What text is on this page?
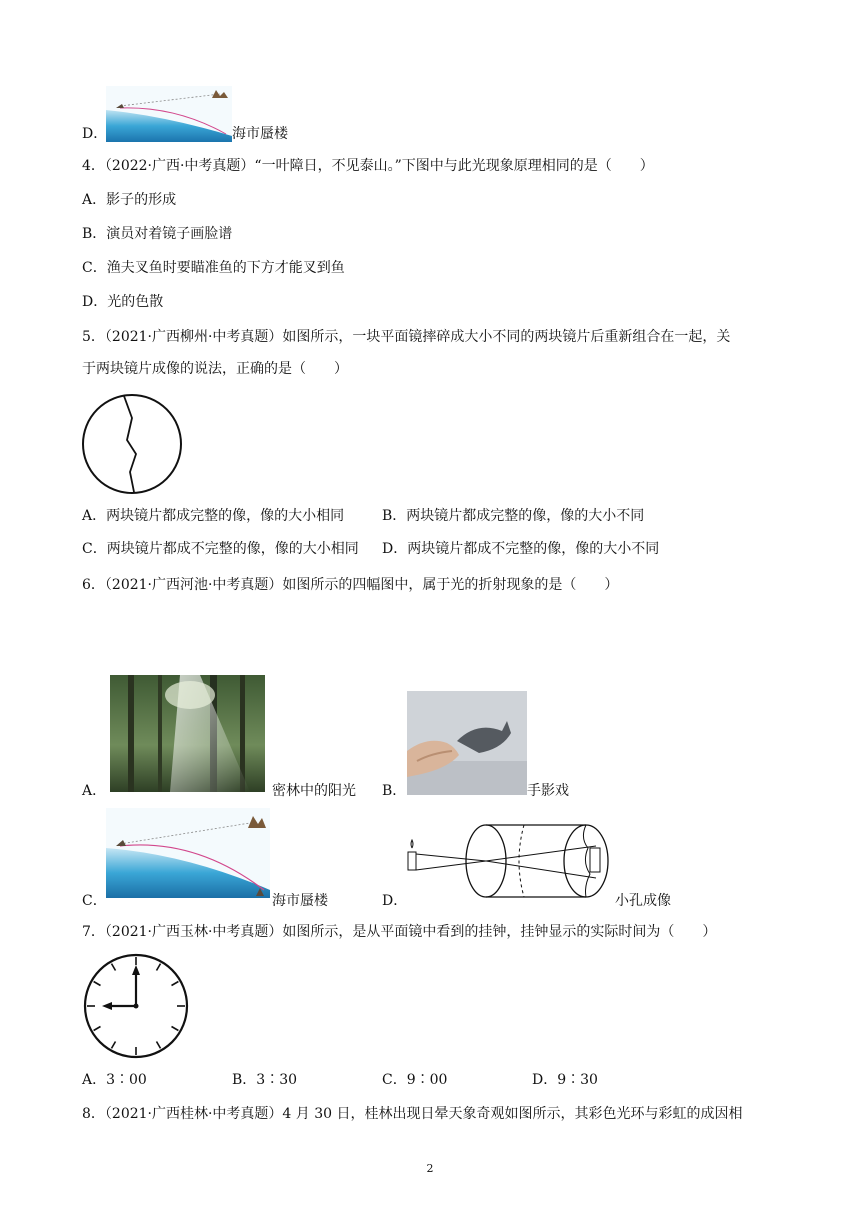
D．	海市蜃楼
4．（2022·广西·中考真题）“一叶障日，不见泰山。”下图中与此光现象原理相同的是（　　）
A．影子的形成
B．演员对着镜子画脸谱
C．渔夫叉鱼时要瞄准鱼的下方才能叉到鱼
D．光的色散
5．（2021·广西柳州·中考真题）如图所示，一块平面镜摔碎成大小不同的两块镜片后重新组合在一起，关
于两块镜片成像的说法，正确的是（　　）
A．两块镜片都成完整的像，像的大小相同	B．两块镜片都成完整的像，像的大小不同
C．两块镜片都成不完整的像，像的大小相同 D．两块镜片都成不完整的像，像的大小不同
6．（2021·广西河池·中考真题）如图所示的四幅图中，属于光的折射现象的是（　　）
A．	密林中的阳光 B．	手影戏
C．	海市蜃楼	D．	小孔成像
7．（2021·广西玉林·中考真题）如图所示，是从平面镜中看到的挂钟，挂钟显示的实际时间为（　　）
A．3∶00	B．3∶30	C．9∶00	D．9∶30
8．（2021·广西桂林·中考真题）4 月 30 日，桂林出现日晕天象奇观如图所示，其彩色光环与彩虹的成因相
2
